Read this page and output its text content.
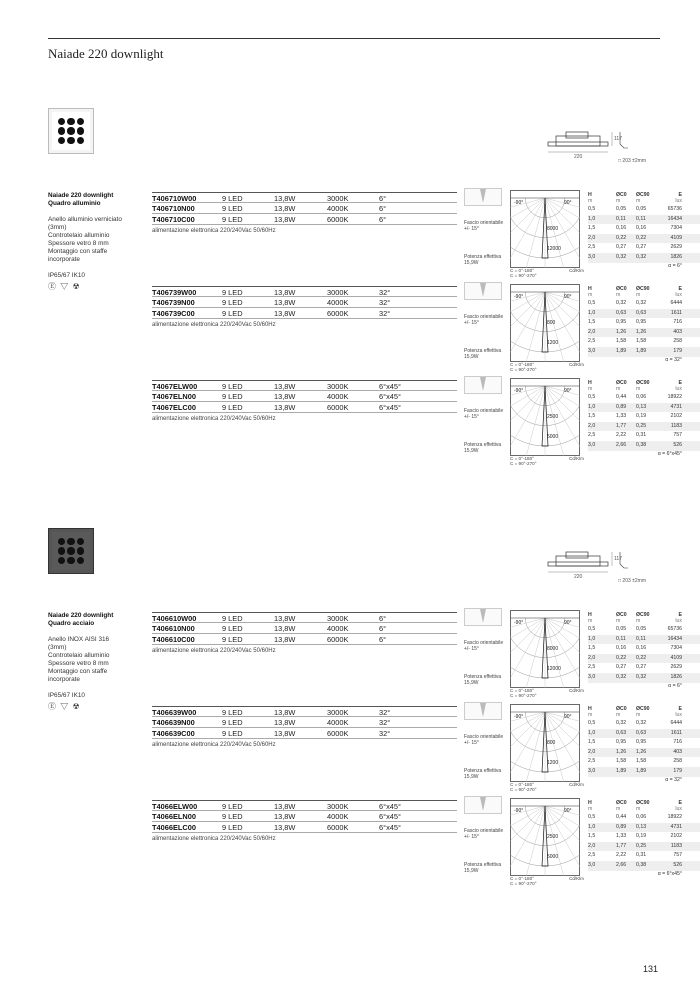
Naiade 220 downlight
220
117
□ 203 ±2mm
Naiade 220 downlight
Quadro alluminio
Anello alluminio verniciato
(3mm)
Controtelaio alluminio
Spessore vetro 8 mm
Montaggio con staffe
incorporate
IP65/67 IK10
Ⓔ ▽ ☢
T406710W00	9 LED	13,8W	3000K	6°
T406710N00	9 LED	13,8W	4000K	6°
T406710C00	9 LED	13,8W	6000K	6°
alimentazione elettronica 220/240Vac 50/60Hz
Fascio orientabile +/- 15°
Potenza effettiva 15,9W
-90°	90°
8000
12000
C = 0°-180°	Cd/Klm
C = 90°-270°
H	ØC0	ØC90	E
m	m	m	lux
0,5	0,05	0,05	65736
1,0	0,11	0,11	16434
1,5	0,16	0,16	7304
2,0	0,22	0,22	4109
2,5	0,27	0,27	2629
3,0	0,32	0,32	1826
α = 6°
T406739W00	9 LED	13,8W	3000K	32°
T406739N00	9 LED	13,8W	4000K	32°
T406739C00	9 LED	13,8W	6000K	32°
alimentazione elettronica 220/240Vac 50/60Hz
Fascio orientabile +/- 15°
Potenza effettiva 15,9W
-90°	90°
800
1200
C = 0°-180°	Cd/Klm
C = 90°-270°
H	ØC0	ØC90	E
m	m	m	lux
0,5	0,32	0,32	6444
1,0	0,63	0,63	1611
1,5	0,95	0,95	716
2,0	1,26	1,26	403
2,5	1,58	1,58	258
3,0	1,89	1,89	179
α = 32°
T4067ELW00	9 LED	13,8W	3000K	6°x45°
T4067ELN00	9 LED	13,8W	4000K	6°x45°
T4067ELC00	9 LED	13,8W	6000K	6°x45°
alimentazione elettronica 220/240Vac 50/60Hz
Fascio orientabile +/- 15°
Potenza effettiva 15,9W
-90°	90°
2500
5000
C = 0°-180°	Cd/Klm
C = 90°-270°
H	ØC0	ØC90	E
m	m	m	lux
0,5	0,44	0,06	18922
1,0	0,89	0,13	4731
1,5	1,33	0,19	2102
2,0	1,77	0,25	1183
2,5	2,22	0,31	757
3,0	2,66	0,38	526
α = 6°x45°
220
117
□ 203 ±2mm
Naiade 220 downlight
Quadro acciaio
Anello INOX AISI 316
(3mm)
Controtelaio alluminio
Spessore vetro 8 mm
Montaggio con staffe
incorporate
IP65/67 IK10
Ⓔ ▽ ☢
T406610W00	9 LED	13,8W	3000K	6°
T406610N00	9 LED	13,8W	4000K	6°
T406610C00	9 LED	13,8W	6000K	6°
alimentazione elettronica 220/240Vac 50/60Hz
Fascio orientabile +/- 15°
Potenza effettiva 15,9W
-90°	90°
8000
12000
C = 0°-180°	Cd/Klm
C = 90°-270°
H	ØC0	ØC90	E
m	m	m	lux
0,5	0,05	0,05	65736
1,0	0,11	0,11	16434
1,5	0,16	0,16	7304
2,0	0,22	0,22	4109
2,5	0,27	0,27	2629
3,0	0,32	0,32	1826
α = 6°
T406639W00	9 LED	13,8W	3000K	32°
T406639N00	9 LED	13,8W	4000K	32°
T406639C00	9 LED	13,8W	6000K	32°
alimentazione elettronica 220/240Vac 50/60Hz
Fascio orientabile +/- 15°
Potenza effettiva 15,9W
-90°	90°
800
1200
C = 0°-180°	Cd/Klm
C = 90°-270°
H	ØC0	ØC90	E
m	m	m	lux
0,5	0,32	0,32	6444
1,0	0,63	0,63	1611
1,5	0,95	0,95	716
2,0	1,26	1,26	403
2,5	1,58	1,58	258
3,0	1,89	1,89	179
α = 32°
T4066ELW00	9 LED	13,8W	3000K	6°x45°
T4066ELN00	9 LED	13,8W	4000K	6°x45°
T4066ELC00	9 LED	13,8W	6000K	6°x45°
alimentazione elettronica 220/240Vac 50/60Hz
Fascio orientabile +/- 15°
Potenza effettiva 15,9W
-90°	90°
2500
5000
C = 0°-180°	Cd/Klm
C = 90°-270°
H	ØC0	ØC90	E
m	m	m	lux
0,5	0,44	0,06	18922
1,0	0,89	0,13	4731
1,5	1,33	0,19	2102
2,0	1,77	0,25	1183
2,5	2,22	0,31	757
3,0	2,66	0,38	526
α = 6°x45°
131
